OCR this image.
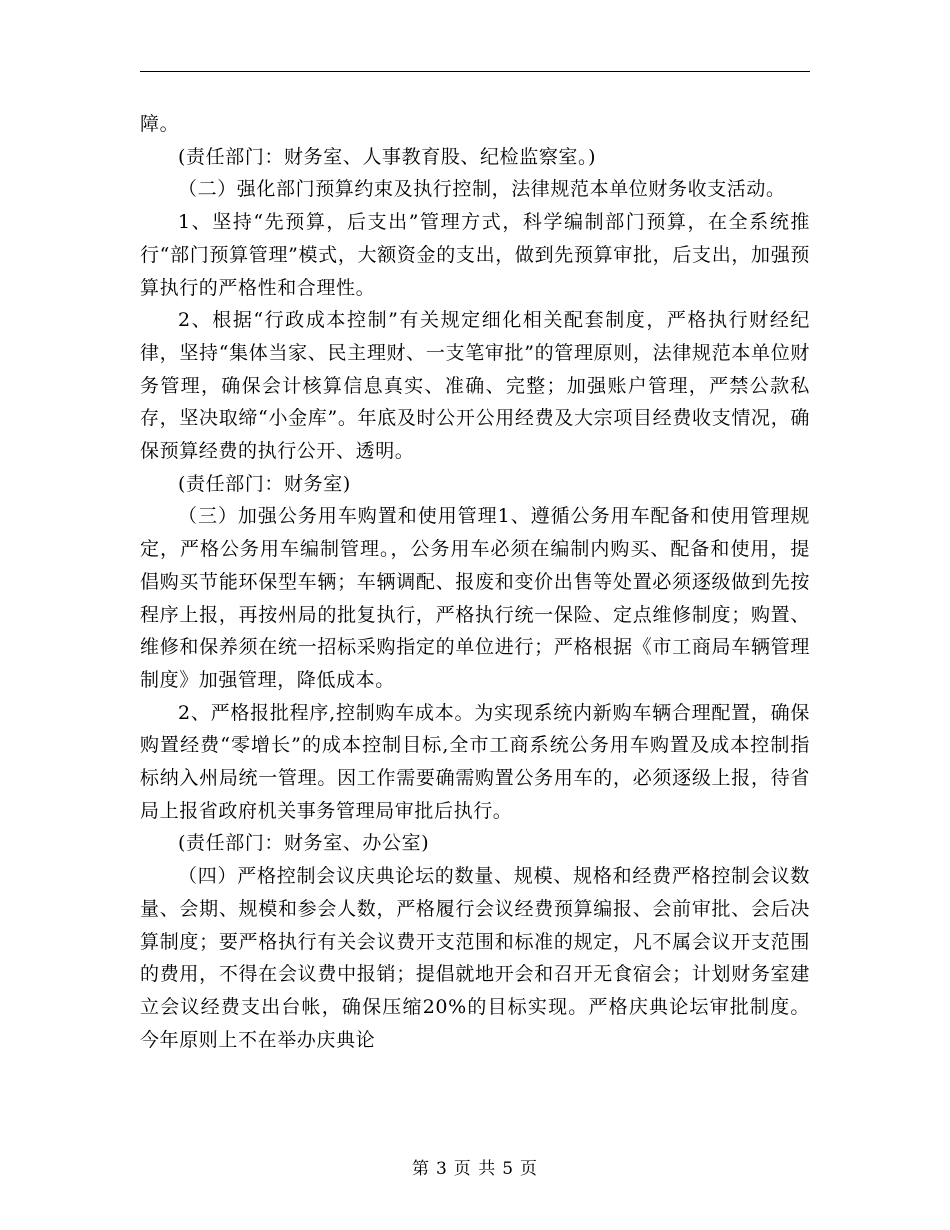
障。

(责任部门：财务室、人事教育股、纪检监察室。)

（二）强化部门预算约束及执行控制，法律规范本单位财务收支活动。

1、坚持“先预算，后支出”管理方式，科学编制部门预算，在全系统推行“部门预算管理”模式，大额资金的支出，做到先预算审批，后支出，加强预算执行的严格性和合理性。

2、根据“行政成本控制”有关规定细化相关配套制度，严格执行财经纪律，坚持“集体当家、民主理财、一支笔审批”的管理原则，法律规范本单位财务管理，确保会计核算信息真实、准确、完整；加强账户管理，严禁公款私存，坚决取缔“小金库”。年底及时公开公用经费及大宗项目经费收支情况，确保预算经费的执行公开、透明。

(责任部门：财务室)

（三）加强公务用车购置和使用管理1、遵循公务用车配备和使用管理规定，严格公务用车编制管理。，公务用车必须在编制内购买、配备和使用，提倡购买节能环保型车辆；车辆调配、报废和变价出售等处置必须逐级做到先按程序上报，再按州局的批复执行，严格执行统一保险、定点维修制度；购置、维修和保养须在统一招标采购指定的单位进行；严格根据《市工商局车辆管理制度》加强管理，降低成本。

2、严格报批程序,控制购车成本。为实现系统内新购车辆合理配置，确保购置经费“零增长”的成本控制目标,全市工商系统公务用车购置及成本控制指标纳入州局统一管理。因工作需要确需购置公务用车的，必须逐级上报，待省局上报省政府机关事务管理局审批后执行。

(责任部门：财务室、办公室)

（四）严格控制会议庆典论坛的数量、规模、规格和经费严格控制会议数量、会期、规模和参会人数，严格履行会议经费预算编报、会前审批、会后决算制度；要严格执行有关会议费开支范围和标准的规定，凡不属会议开支范围的费用，不得在会议费中报销；提倡就地开会和召开无食宿会；计划财务室建立会议经费支出台帐，确保压缩20%的目标实现。严格庆典论坛审批制度。今年原则上不在举办庆典论

第 3 页 共 5 页
